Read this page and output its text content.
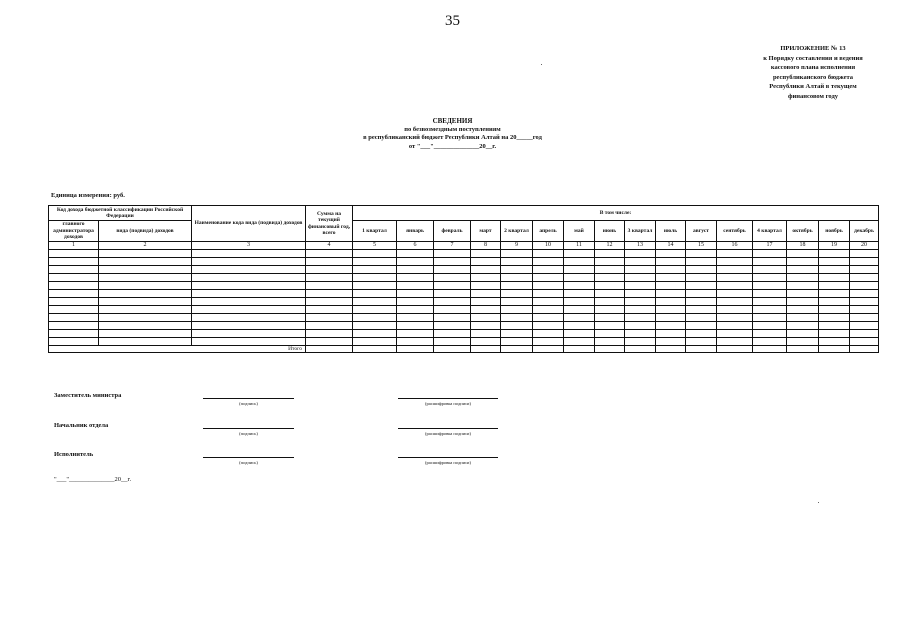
35
ПРИЛОЖЕНИЕ № 13
к Порядку составления и ведения
кассового плана исполнения
республиканского бюджета
Республики Алтай в текущем
финансовом году
СВЕДЕНИЯ
по безвозмездным поступлениям
в республиканский бюджет Республики Алтай на 20_____год
от "___"______________20__г.
Единица измерения: руб.
Код дохода бюджетной классификации Российской Федерации		Наименование кода вида (подвида) доходов	Сумма на текущий финансовый год, всего	В том числе:															
главного администратора доходов	вида (подвида) доходов			1 квартал	январь	февраль	март	2 квартал	апрель	май	июнь	3 квартал	июль	август	сентябрь	4 квартал	октябрь	ноябрь	декабрь
1	2	3	4	5	6	7	8	9	10	11	12	13	14	15	16	17	18	19	20

Итого																			
Заместитель министра
(подпись)	(расшифровка подписи)
Начальник отдела
(подпись)	(расшифровка подписи)
Исполнитель
(подпись)	(расшифровка подписи)
"___"______________20__г.
